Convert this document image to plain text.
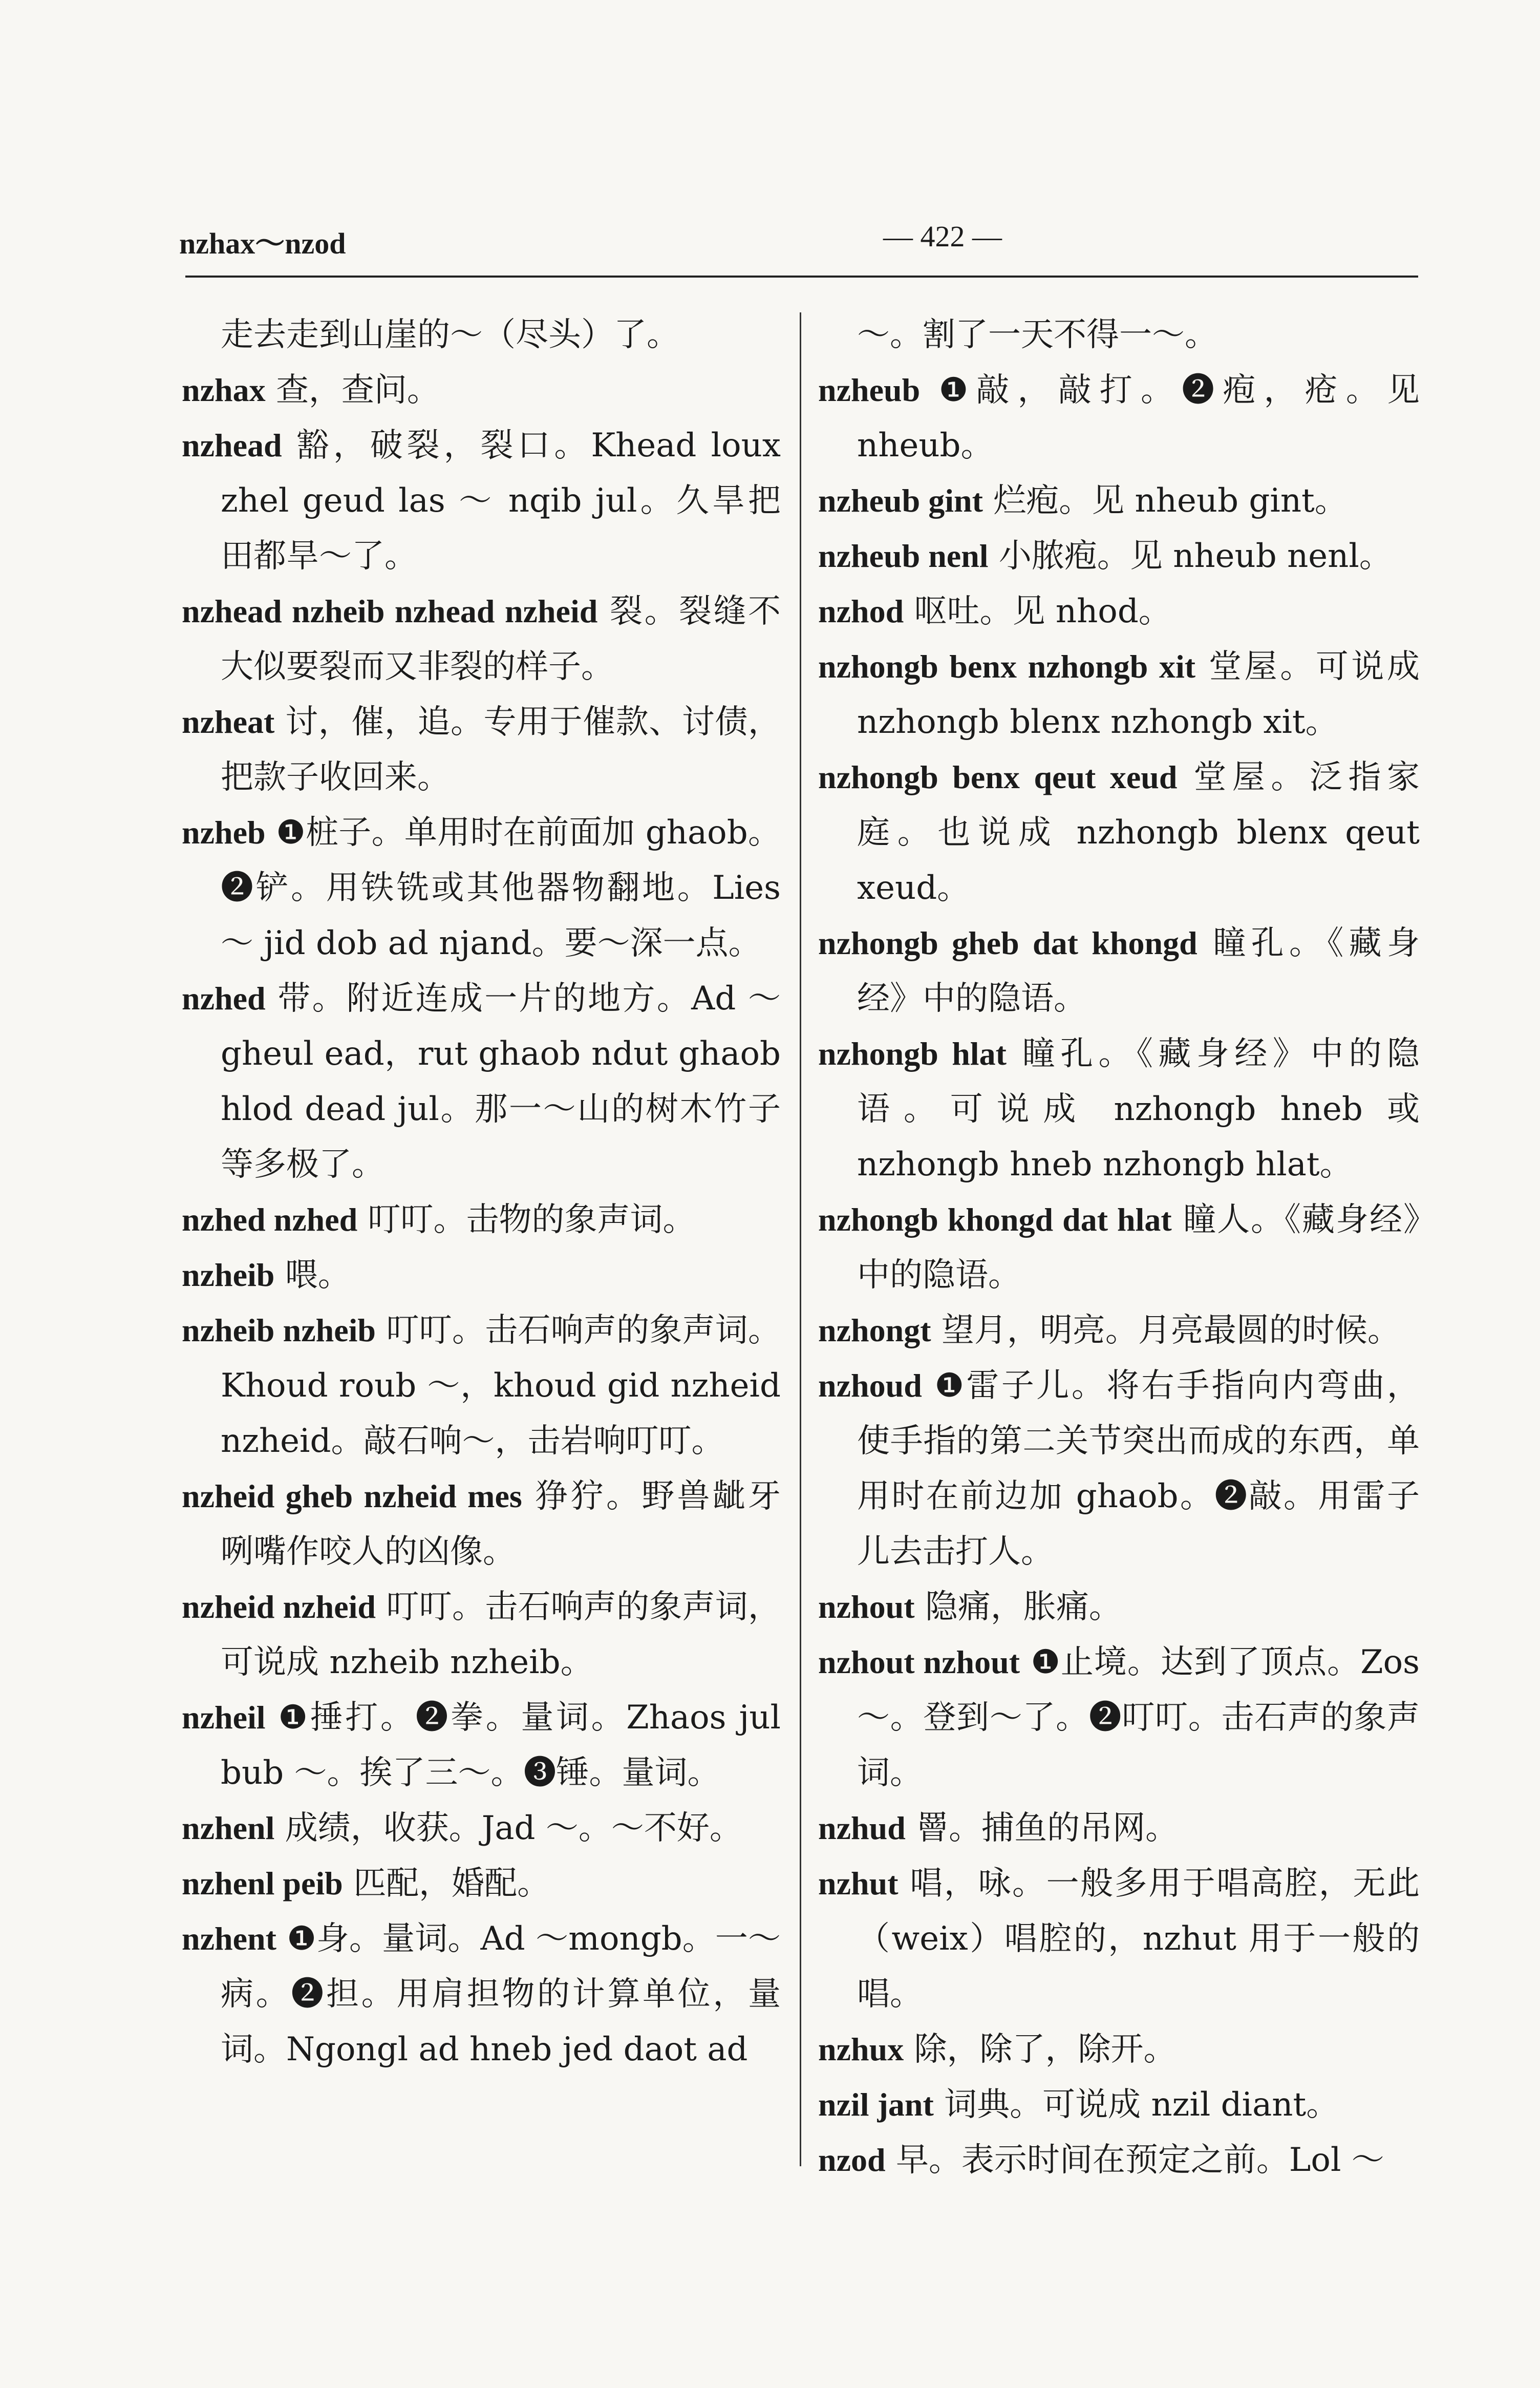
nzhax～nzod	— 422 —

走去走到山崖的～（尽头）了。

nzhax 查，查问。

nzhead 豁，破裂，裂口。Khead loux zhel geud las ～ nqib jul。久旱把田都旱～了。

nzhead nzheib nzhead nzheid 裂。裂缝不大似要裂而又非裂的样子。

nzheat 讨，催，追。专用于催款、讨债，把款子收回来。

nzheb ❶桩子。单用时在前面加 ghaob。❷铲。用铁铣或其他器物翻地。Lies ～ jid dob ad njand。要～深一点。

nzhed 带。附近连成一片的地方。Ad ～ gheul ead，rut ghaob ndut ghaob hlod dead jul。那一～山的树木竹子等多极了。

nzhed nzhed 叮叮。击物的象声词。

nzheib 喂。

nzheib nzheib 叮叮。击石响声的象声词。Khoud roub ～，khoud gid nzheid nzheid。敲石响～，击岩响叮叮。

nzheid gheb nzheid mes 狰狞。野兽龇牙咧嘴作咬人的凶像。

nzheid nzheid 叮叮。击石响声的象声词，可说成 nzheib nzheib。

nzheil ❶捶打。❷拳。量词。Zhaos jul bub ～。挨了三～。❸锤。量词。

nzhenl 成绩，收获。Jad ～。～不好。

nzhenl peib 匹配，婚配。

nzhent ❶身。量词。Ad ～mongb。一～病。❷担。用肩担物的计算单位，量词。Ngongl ad hneb jed daot ad

～。割了一天不得一～。

nzheub ❶敲，敲打。❷疱，疮。见 nheub。

nzheub gint 烂疱。见 nheub gint。

nzheub nenl 小脓疱。见 nheub nenl。

nzhod 呕吐。见 nhod。

nzhongb benx nzhongb xit 堂屋。可说成 nzhongb blenx nzhongb xit。

nzhongb benx qeut xeud 堂屋。泛指家庭。也说成 nzhongb blenx qeut xeud。

nzhongb gheb dat khongd 瞳孔。《藏身经》中的隐语。

nzhongb hlat 瞳孔。《藏身经》中的隐语。可说成 nzhongb hneb 或 nzhongb hneb nzhongb hlat。

nzhongb khongd dat hlat 瞳人。《藏身经》中的隐语。

nzhongt 望月，明亮。月亮最圆的时候。

nzhoud ❶雷子儿。将右手指向内弯曲，使手指的第二关节突出而成的东西，单用时在前边加 ghaob。❷敲。用雷子儿去击打人。

nzhout 隐痛，胀痛。

nzhout nzhout ❶止境。达到了顶点。Zos ～。登到～了。❷叮叮。击石声的象声词。

nzhud 罾。捕鱼的吊网。

nzhut 唱，咏。一般多用于唱高腔，无此（weix）唱腔的，nzhut 用于一般的唱。

nzhux 除，除了，除开。

nzil jant 词典。可说成 nzil diant。

nzod 早。表示时间在预定之前。Lol ～
